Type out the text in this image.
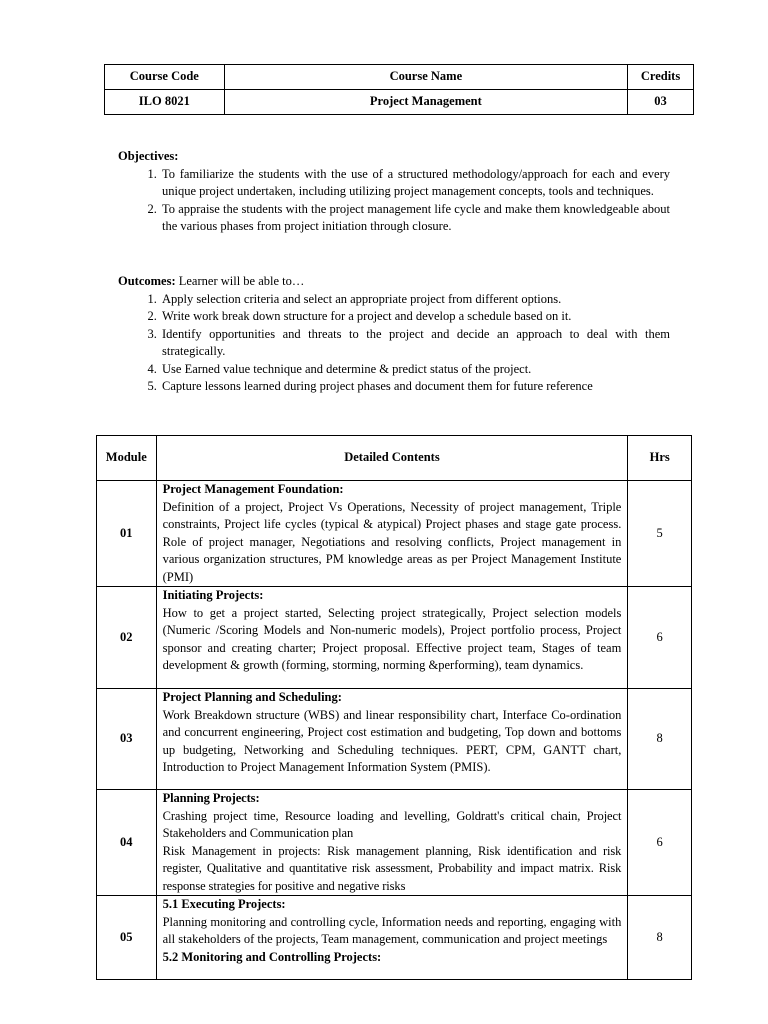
Course Code	Course Name	Credits
ILO 8021	Project Management	03
Objectives:
1. To familiarize the students with the use of a structured methodology/approach for each and every unique project undertaken, including utilizing project management concepts, tools and techniques.
2. To appraise the students with the project management life cycle and make them knowledgeable about the various phases from project initiation through closure.
Outcomes: Learner will be able to…
1. Apply selection criteria and select an appropriate project from different options.
2. Write work break down structure for a project and develop a schedule based on it.
3. Identify opportunities and threats to the project and decide an approach to deal with them strategically.
4. Use Earned value technique and determine & predict status of the project.
5. Capture lessons learned during project phases and document them for future reference
Module	Detailed Contents	Hrs
01	Project Management Foundation:
Definition of a project, Project Vs Operations, Necessity of project management, Triple constraints, Project life cycles (typical & atypical) Project phases and stage gate process. Role of project manager, Negotiations and resolving conflicts, Project management in various organization structures, PM knowledge areas as per Project Management Institute (PMI)	5
02	Initiating Projects:
How to get a project started, Selecting project strategically, Project selection models (Numeric /Scoring Models and Non-numeric models), Project portfolio process, Project sponsor and creating charter; Project proposal. Effective project team, Stages of team development & growth (forming, storming, norming &performing), team dynamics.	6
03	Project Planning and Scheduling:
Work Breakdown structure (WBS) and linear responsibility chart, Interface Co-ordination and concurrent engineering, Project cost estimation and budgeting, Top down and bottoms up budgeting, Networking and Scheduling techniques. PERT, CPM, GANTT chart, Introduction to Project Management Information System (PMIS).	8
04	Planning Projects:
Crashing project time, Resource loading and levelling, Goldratt's critical chain, Project Stakeholders and Communication plan
Risk Management in projects: Risk management planning, Risk identification and risk register, Qualitative and quantitative risk assessment, Probability and impact matrix. Risk response strategies for positive and negative risks	6
05	5.1 Executing Projects:
Planning monitoring and controlling cycle, Information needs and reporting, engaging with all stakeholders of the projects, Team management, communication and project meetings
5.2 Monitoring and Controlling Projects:	8
